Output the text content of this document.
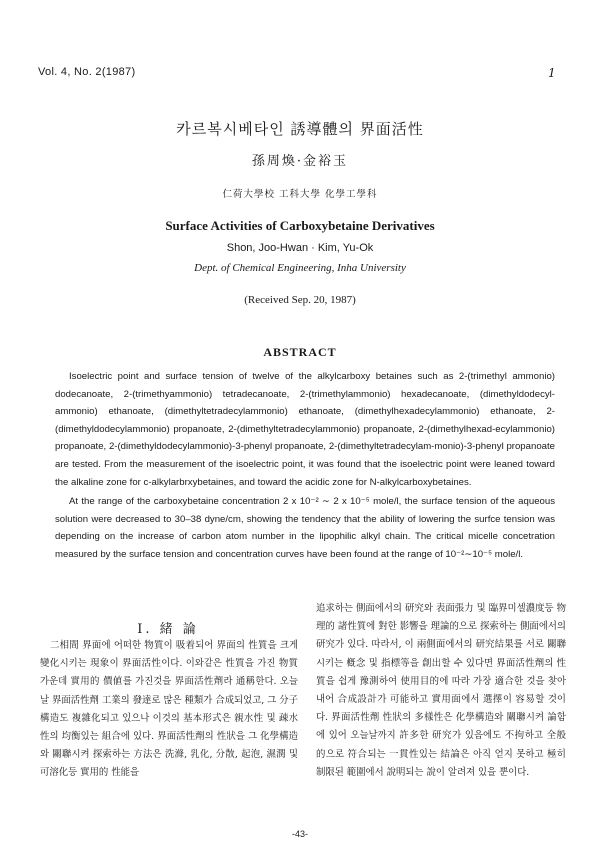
Vol. 4, No. 2(1987)	1
카르복시베타인 誘導體의 界面活性
孫周煥·金裕玉
仁荷大學校 工科大學 化學工學科
Surface Activities of Carboxybetaine Derivatives
Shon, Joo-Hwan · Kim, Yu-Ok
Dept. of Chemical Engineering, Inha University
(Received Sep. 20, 1987)
ABSTRACT

Isoelectric point and surface tension of twelve of the alkylcarboxy betaines such as 2-(trimethyl ammonio) dodecanoate, 2-(trimethyammonio) tetradecanoate, 2-(trimethylammonio) hexadecanoate, (dimethyldodecyl-ammonio) ethanoate, (dimethyltetradecylammonio) ethanoate, (dimethylhexadecylammonio) ethanoate, 2-(dimethyldodecylammonio) propanoate, 2-(dimethyltetradecylammonio) propanoate, 2-(dimethylhexad-ecylammonio) propanoate, 2-(dimethyldodecylammonio)-3-phenyl propanoate, 2-(dimethyltetradecylam-monio)-3-phenyl propanoate are tested. From the measurement of the isoelectric point, it was found that the isoelectric point were leaned toward the alkaline zone for c-alkylarbrxybetaines, and toward the acidic zone for N-alkylcarboxybetaines.

At the range of the carboxybetaine concentration 2 x 10⁻² ∼ 2 x 10⁻⁵ mole/l, the surface tension of the aqueous solution were decreased to 30–38 dyne/cm, showing the tendency that the ability of lowering the surfce tension was depending on the increase of carbon atom number in the lipophilic alkyl chain. The critical micelle concetration measured by the surface tension and concentration curves have been found at the range of 10⁻²∼10⁻⁵ mole/l.

I. 緒 論

二相間 界面에 어떠한 物質이 吸着되어 界面의 性質을 크게 變化시키는 現象이 界面活性이다. 이와같은 性質을 가진 物質가운데 實用的 價値를 가진것을 界面活性劑라 通稱한다. 오늘날 界面活性劑 工業의 發達로 많은 種類가 合成되었고, 그 分子構造도 複雜化되고 있으나 이것의 基本形式은 親水性 및 疎水性의 均衡있는 組合에 있다. 界面活性劑의 性狀을 그 化學構造와 關聯시켜 探索하는 方法은 洗滌, 乳化, 分散, 起泡, 濕潤 및 可溶化등 實用的 性能을

追求하는 側面에서의 研究와 表面張力 및 臨界미셀濃度등 物理的 諸性質에 對한 影響을 理論的으로 探索하는 側面에서의 研究가 있다. 따라서, 이 兩側面에서의 研究結果를 서로 關聯시키는 槪念 및 指標等을 創出할 수 있다면 界面活性劑의 性質을 쉽게 豫測하여 使用目的에 따라 가장 適合한 것을 찾아내어 合成設計가 可能하고 實用面에서 選擇이 容易할 것이다. 界面活性劑 性狀의 多樣性은 化學構造와 關聯시켜 論함에 있어 오늘날까지 許多한 研究가 있음에도 不拘하고 全般的으로 符合되는 一貫性있는 結論은 아직 얻지 못하고 極히 制限된 範圍에서 說明되는 說이 알려져 있을 뿐이다.

-43-
